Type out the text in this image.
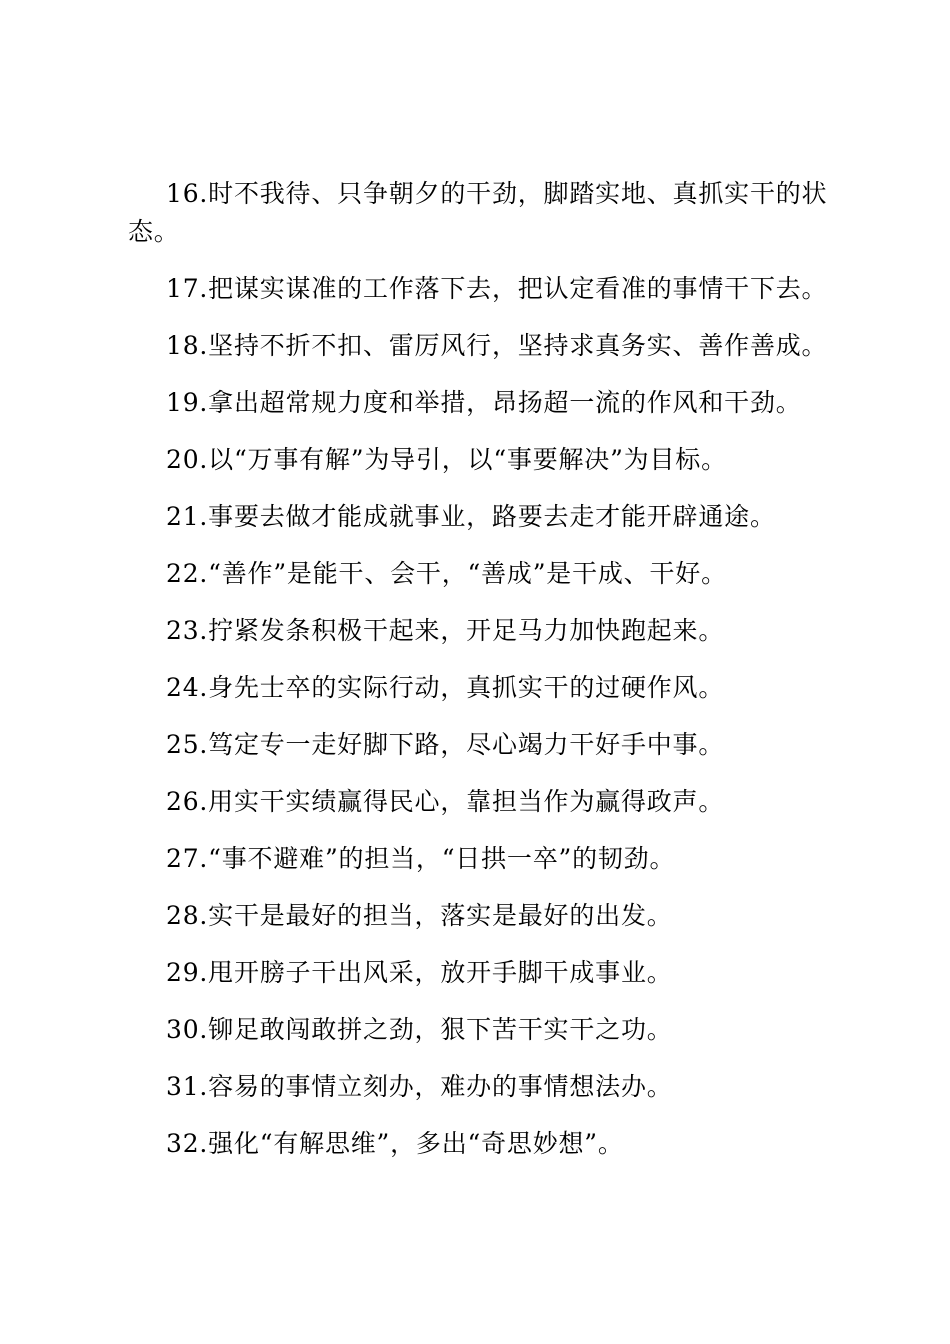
16.时不我待、只争朝夕的干劲，脚踏实地、真抓实干的状态。

17.把谋实谋准的工作落下去，把认定看准的事情干下去。

18.坚持不折不扣、雷厉风行，坚持求真务实、善作善成。

19.拿出超常规力度和举措，昂扬超一流的作风和干劲。

20.以“万事有解”为导引，以“事要解决”为目标。

21.事要去做才能成就事业，路要去走才能开辟通途。

22.“善作”是能干、会干，“善成”是干成、干好。

23.拧紧发条积极干起来，开足马力加快跑起来。

24.身先士卒的实际行动，真抓实干的过硬作风。

25.笃定专一走好脚下路，尽心竭力干好手中事。

26.用实干实绩赢得民心，靠担当作为赢得政声。

27.“事不避难”的担当，“日拱一卒”的韧劲。

28.实干是最好的担当，落实是最好的出发。

29.甩开膀子干出风采，放开手脚干成事业。

30.铆足敢闯敢拼之劲，狠下苦干实干之功。

31.容易的事情立刻办，难办的事情想法办。

32.强化“有解思维”，多出“奇思妙想”。
